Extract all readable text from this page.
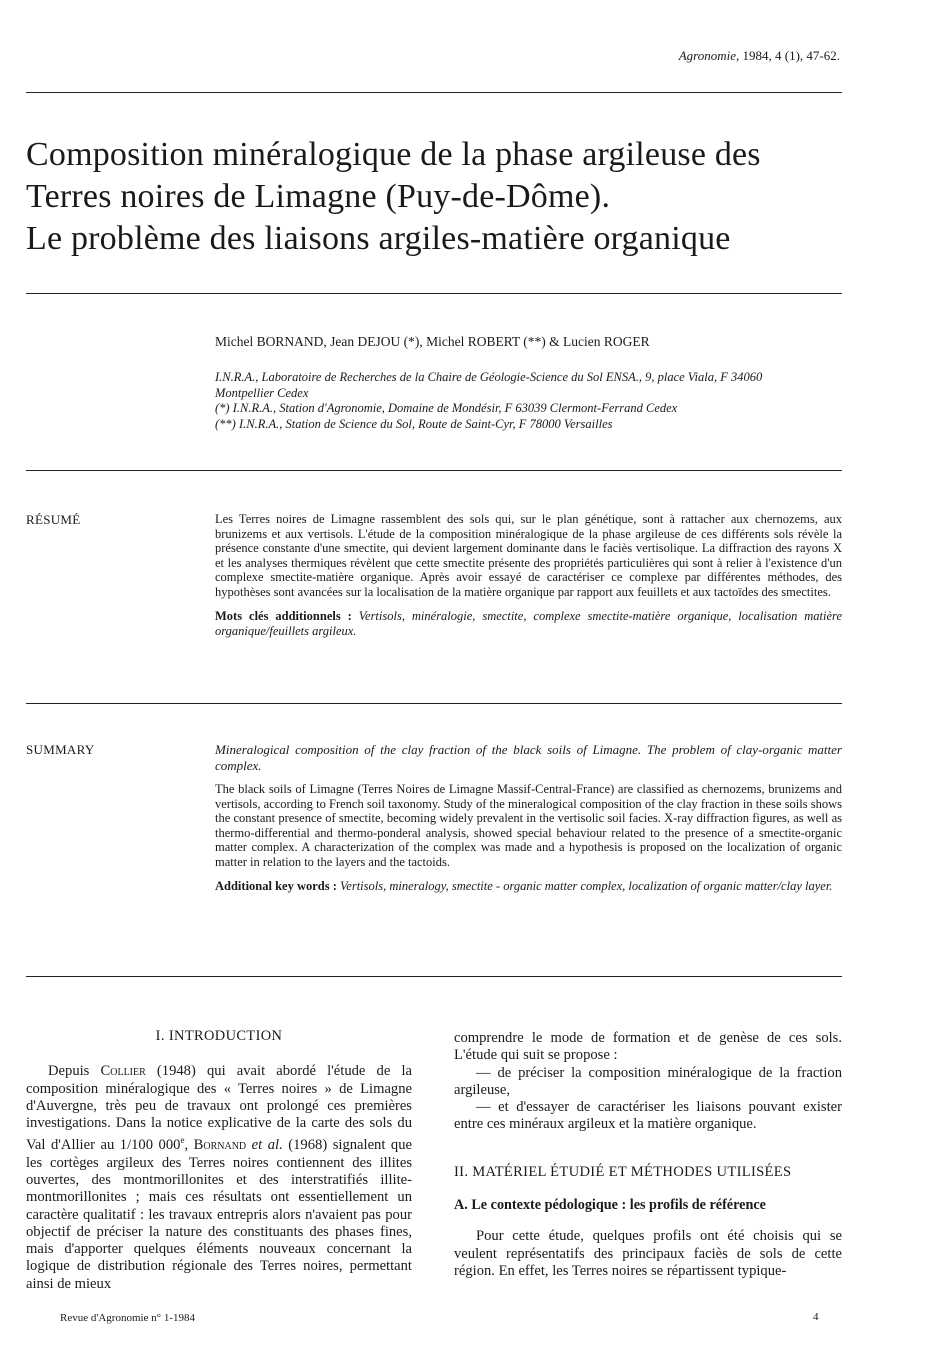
Agronomie, 1984, 4 (1), 47-62.
Composition minéralogique de la phase argileuse des
Terres noires de Limagne (Puy-de-Dôme).
Le problème des liaisons argiles-matière organique
Michel BORNAND, Jean DEJOU (*), Michel ROBERT (**) & Lucien ROGER
I.N.R.A., Laboratoire de Recherches de la Chaire de Géologie-Science du Sol ENSA., 9, place Viala, F 34060
Montpellier Cedex
(*) I.N.R.A., Station d'Agronomie, Domaine de Mondésir, F 63039 Clermont-Ferrand Cedex
(**) I.N.R.A., Station de Science du Sol, Route de Saint-Cyr, F 78000 Versailles
RÉSUMÉ	Les Terres noires de Limagne rassemblent des sols qui, sur le plan génétique, sont à rattacher aux chernozems, aux brunizems et aux vertisols. L'étude de la composition minéralogique de la phase argileuse de ces différents sols révèle la présence constante d'une smectite, qui devient largement dominante dans le faciès vertisolique. La diffraction des rayons X et les analyses thermiques révèlent que cette smectite présente des propriétés particulières qui sont à relier à l'existence d'un complexe smectite-matière organique. Après avoir essayé de caractériser ce complexe par différentes méthodes, des hypothèses sont avancées sur la localisation de la matière organique par rapport aux feuillets et aux tactoïdes des smectites.

Mots clés additionnels : Vertisols, minéralogie, smectite, complexe smectite-matière organique, localisation matière organique/feuillets argileux.

SUMMARY	Mineralogical composition of the clay fraction of the black soils of Limagne. The problem of clay-organic matter complex.

The black soils of Limagne (Terres Noires de Limagne Massif-Central-France) are classified as chernozems, brunizems and vertisols, according to French soil taxonomy. Study of the mineralogical composition of the clay fraction in these soils shows the constant presence of smectite, becoming widely prevalent in the vertisolic soil facies. X-ray diffraction figures, as well as thermo-differential and thermo-ponderal analysis, showed special behaviour related to the presence of a smectite-organic matter complex. A characterization of the complex was made and a hypothesis is proposed on the localization of organic matter in relation to the layers and the tactoids.

Additional key words : Vertisols, mineralogy, smectite - organic matter complex, localization of organic matter/clay layer.

I. INTRODUCTION

Depuis Collier (1948) qui avait abordé l'étude de la composition minéralogique des « Terres noires » de Limagne d'Auvergne, très peu de travaux ont prolongé ces premières investigations. Dans la notice explicative de la carte des sols du Val d'Allier au 1/100 000e, Bornand et al. (1968) signalent que les cortèges argileux des Terres noires contiennent des illites ouvertes, des montmorillonites et des interstratifiés illite-montmorillonites ; mais ces résultats ont essentiellement un caractère qualitatif : les travaux entrepris alors n'avaient pas pour objectif de préciser la nature des constituants des phases fines, mais d'apporter quelques éléments nouveaux concernant la logique de distribution régionale des Terres noires, permettant ainsi de mieux

comprendre le mode de formation et de genèse de ces sols. L'étude qui suit se propose :

— de préciser la composition minéralogique de la fraction argileuse,

— et d'essayer de caractériser les liaisons pouvant exister entre ces minéraux argileux et la matière organique.

II. MATÉRIEL ÉTUDIÉ ET MÉTHODES UTILISÉES

A. Le contexte pédologique : les profils de référence

Pour cette étude, quelques profils ont été choisis qui se veulent représentatifs des principaux faciès de sols de cette région. En effet, les Terres noires se répartissent typique-

Revue d'Agronomie n° 1-1984	4
